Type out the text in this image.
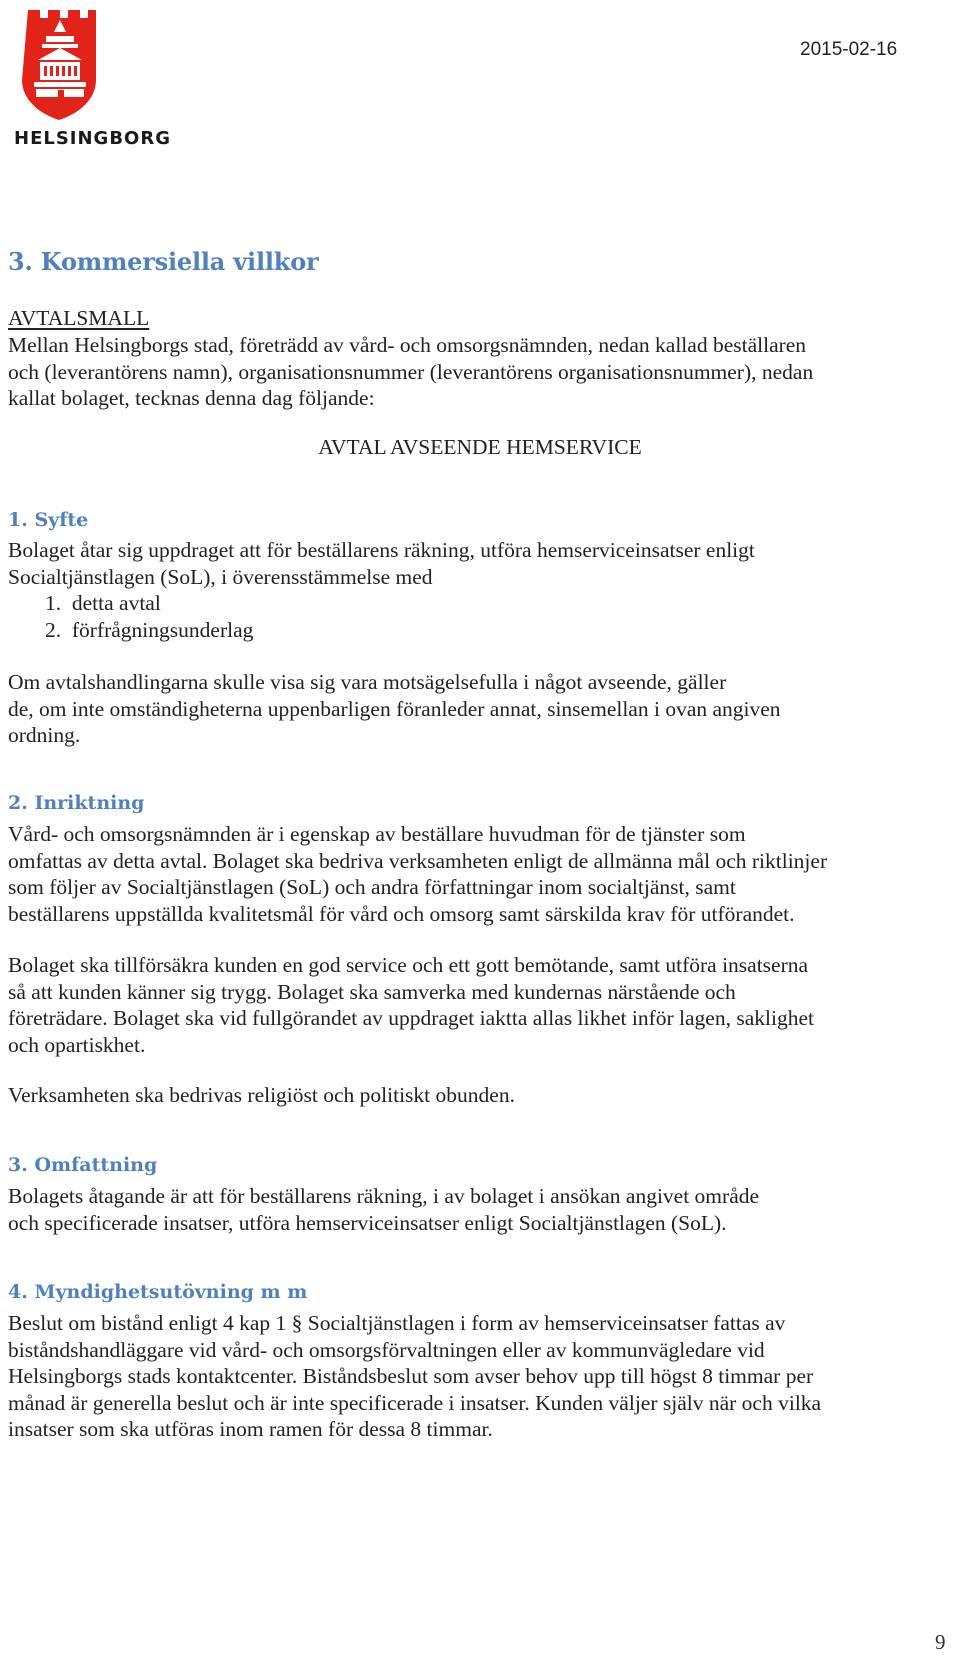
HELSINGBORG
2015-02-16
3. Kommersiella villkor
AVTALSMALL
Mellan Helsingborgs stad, företrädd av vård- och omsorgsnämnden, nedan kallad beställaren
och (leverantörens namn), organisationsnummer (leverantörens organisationsnummer), nedan
kallat bolaget, tecknas denna dag följande:
AVTAL AVSEENDE HEMSERVICE
1. Syfte
Bolaget åtar sig uppdraget att för beställarens räkning, utföra hemserviceinsatser enligt
Socialtjänstlagen (SoL), i överensstämmelse med
1. detta avtal
2. förfrågningsunderlag
Om avtalshandlingarna skulle visa sig vara motsägelsefulla i något avseende, gäller
de, om inte omständigheterna uppenbarligen föranleder annat, sinsemellan i ovan angiven
ordning.
2. Inriktning
Vård- och omsorgsnämnden är i egenskap av beställare huvudman för de tjänster som
omfattas av detta avtal. Bolaget ska bedriva verksamheten enligt de allmänna mål och riktlinjer
som följer av Socialtjänstlagen (SoL) och andra författningar inom socialtjänst, samt
beställarens uppställda kvalitetsmål för vård och omsorg samt särskilda krav för utförandet.
Bolaget ska tillförsäkra kunden en god service och ett gott bemötande, samt utföra insatserna
så att kunden känner sig trygg. Bolaget ska samverka med kundernas närstående och
företrädare. Bolaget ska vid fullgörandet av uppdraget iaktta allas likhet inför lagen, saklighet
och opartiskhet.
Verksamheten ska bedrivas religiöst och politiskt obunden.
3. Omfattning
Bolagets åtagande är att för beställarens räkning, i av bolaget i ansökan angivet område
och specificerade insatser, utföra hemserviceinsatser enligt Socialtjänstlagen (SoL).
4. Myndighetsutövning m m
Beslut om bistånd enligt 4 kap 1 § Socialtjänstlagen i form av hemserviceinsatser fattas av
biståndshandläggare vid vård- och omsorgsförvaltningen eller av kommunvägledare vid
Helsingborgs stads kontaktcenter. Biståndsbeslut som avser behov upp till högst 8 timmar per
månad är generella beslut och är inte specificerade i insatser. Kunden väljer själv när och vilka
insatser som ska utföras inom ramen för dessa 8 timmar.
9
